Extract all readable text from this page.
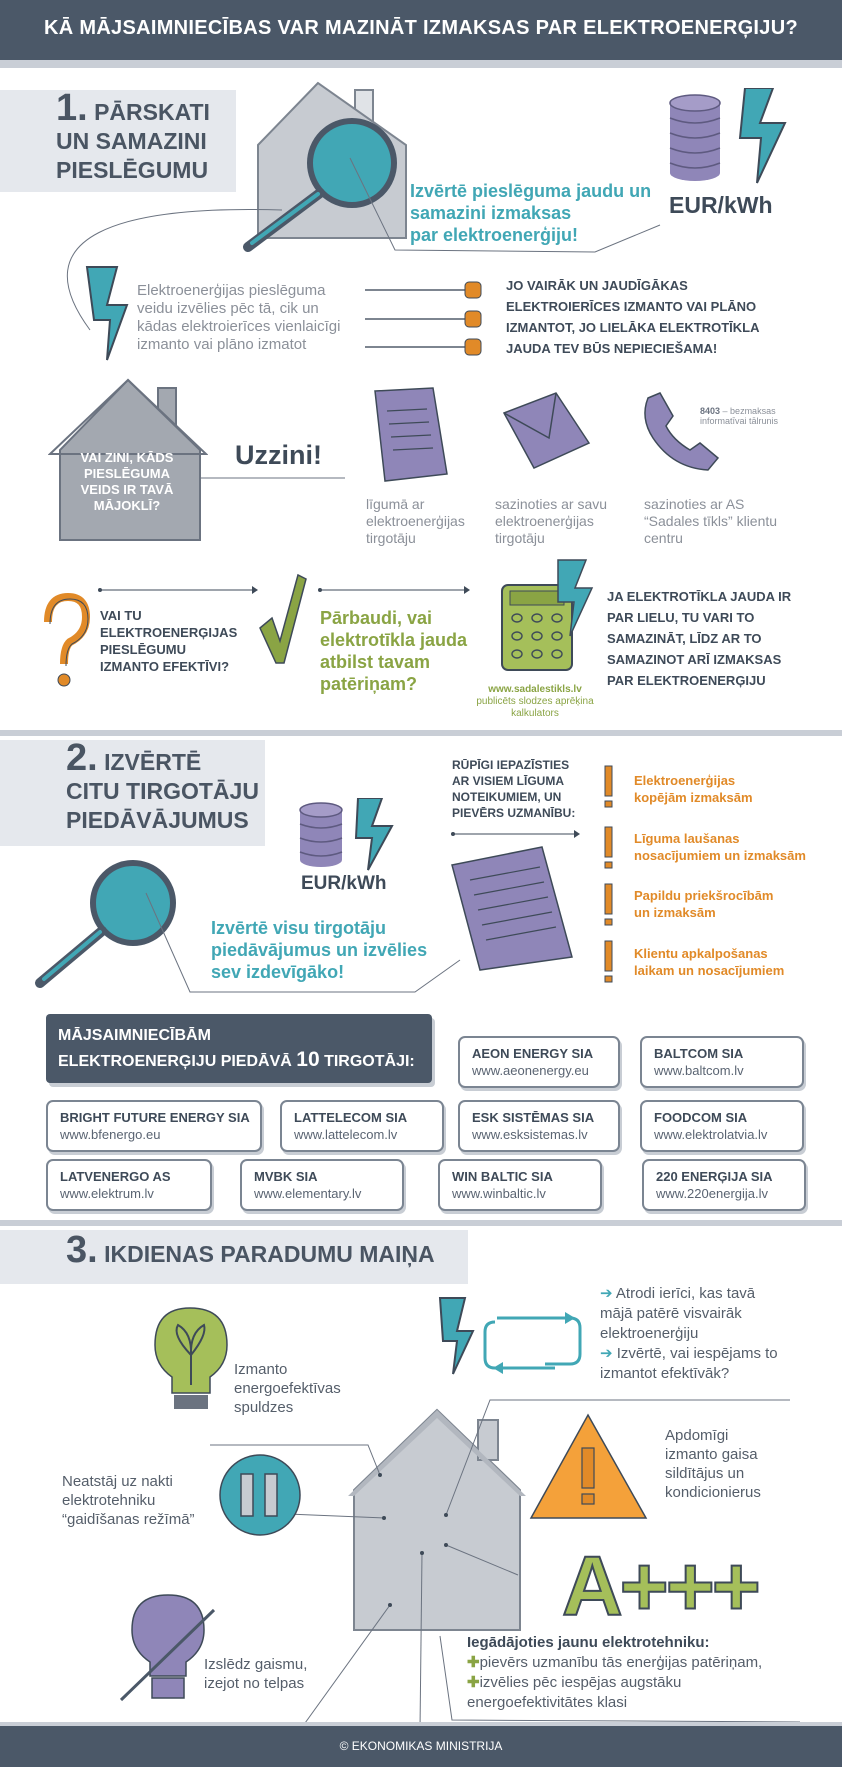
KĀ MĀJSAIMNIECĪBAS VAR MAZINĀT IZMAKSAS PAR ELEKTROENERĢIJU?
1. PĀRSKATI
UN SAMAZINI
PIESLĒGUMU
Izvērtē pieslēguma jaudu un
samazini izmaksas
par elektroenerģiju!
EUR/kWh
Elektroenerģijas pieslēguma
veidu izvēlies pēc tā, cik un
kādas elektroierīces vienlaicīgi
izmanto vai plāno izmatot
JO VAIRĀK UN JAUDĪGĀKAS
ELEKTROIERĪCES IZMANTO VAI PLĀNO
IZMANTOT, JO LIELĀKA ELEKTROTĪKLA
JAUDA TEV BŪS NEPIECIEŠAMA!
VAI ZINI, KĀDS
PIESLĒGUMA
VEIDS IR TAVĀ
MĀJOKLĪ?
Uzzini!
līgumā ar
elektroenerģijas
tirgotāju
sazinoties ar savu
elektroenerģijas
tirgotāju
8403 – bezmaksas
informatīvai tālrunis
sazinoties ar AS
“Sadales tīkls” klientu
centru
VAI TU
ELEKTROENERĢIJAS
PIESLĒGUMU
IZMANTO EFEKTĪVI?
Pārbaudi, vai
elektrotīkla jauda
atbilst tavam
patēriņam?	www.sadalestikls.lv
publicēts slodzes aprēķina
kalkulators
JA ELEKTROTĪKLA JAUDA IR
PAR LIELU, TU VARI TO
SAMAZINĀT, LĪDZ AR TO
SAMAZINOT ARĪ IZMAKSAS
PAR ELEKTROENERĢIJU
2. IZVĒRTĒ
CITU TIRGOTĀJU
PIEDĀVĀJUMUS
EUR/kWh
Izvērtē visu tirgotāju
piedāvājumus un izvēlies
sev izdevīgāko!
RŪPĪGI IEPAZĪSTIES
AR VISIEM LĪGUMA
NOTEIKUMIEM, UN
PIEVĒRS UZMANĪBU:
Elektroenerģijas
kopējām izmaksām
Līguma laušanas
nosacījumiem un izmaksām
Papildu priekšrocībām
un izmaksām
Klientu apkalpošanas
laikam un nosacījumiem
MĀJSAIMNIECĪBĀM
ELEKTROENERĢIJU PIEDĀVĀ 10 TIRGOTĀJI:	AEON ENERGY SIA
www.aeonenergy.eu
BALTCOM SIA
www.baltcom.lv
BRIGHT FUTURE ENERGY SIA
www.bfenergo.eu
LATTELECOM SIA
www.lattelecom.lv
ESK SISTĒMAS SIA
www.esksistemas.lv
FOODCOM SIA
www.elektrolatvia.lv
LATVENERGO AS
www.elektrum.lv
MVBK SIA
www.elementary.lv
WIN BALTIC SIA
www.winbaltic.lv
220 ENERĢIJA SIA
www.220energija.lv
3. IKDIENAS PARADUMU MAIŅA
➔ Atrodi ierīci, kas tavā
mājā patērē visvairāk
elektroenerģiju
➔ Izvērtē, vai iespējams to
izmantot efektīvāk?
Izmanto
energoefektīvas
spuldzes
Neatstāj uz nakti
elektrotehniku
“gaidīšanas režīmā”
Apdomīgi
izmanto gaisa
sildītājus un
kondicionierus
A+++
Iegādājoties jaunu elektrotehniku:
✚pievērs uzmanību tās enerģijas patēriņam,
✚izvēlies pēc iespējas augstāku
energoefektivitātes klasi
Izslēdz gaismu,
izejot no telpas
© EKONOMIKAS MINISTRIJA
